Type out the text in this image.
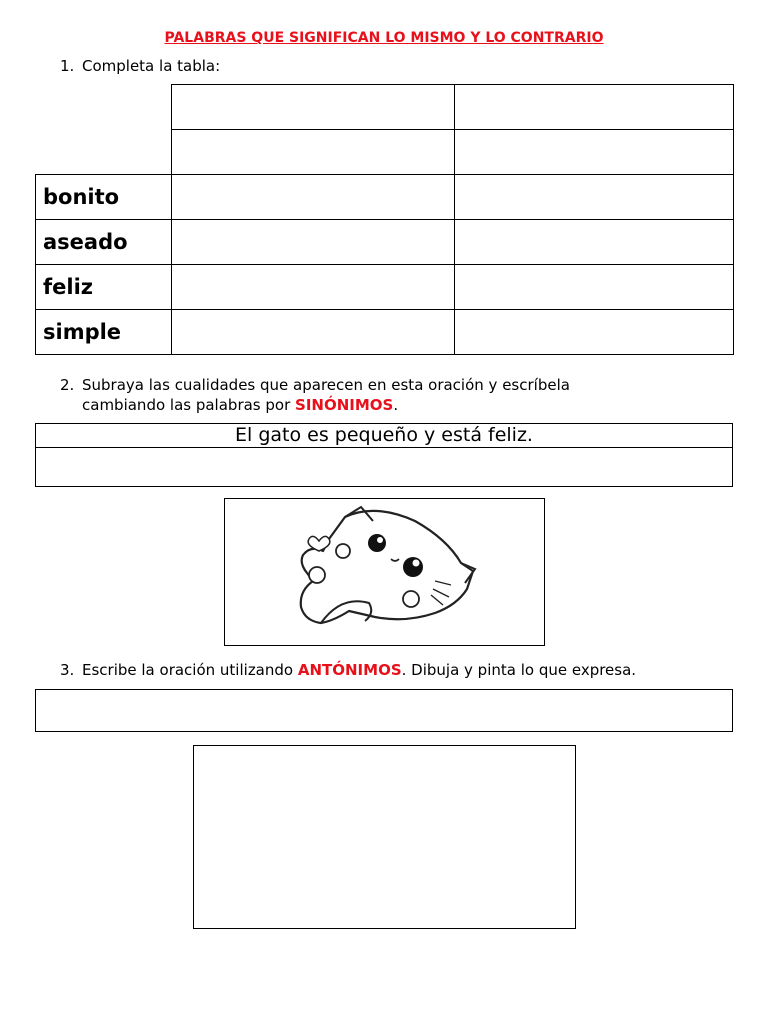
PALABRAS QUE SIGNIFICAN LO MISMO Y LO CONTRARIO
1. Completa la tabla:

bonito		
aseado		
feliz		
simple		
2. Subraya las cualidades que aparecen en esta oración y escríbela
cambiando las palabras por SINÓNIMOS.
El gato es pequeño y está feliz.
3. Escribe la oración utilizando ANTÓNIMOS. Dibuja y pinta lo que expresa.
